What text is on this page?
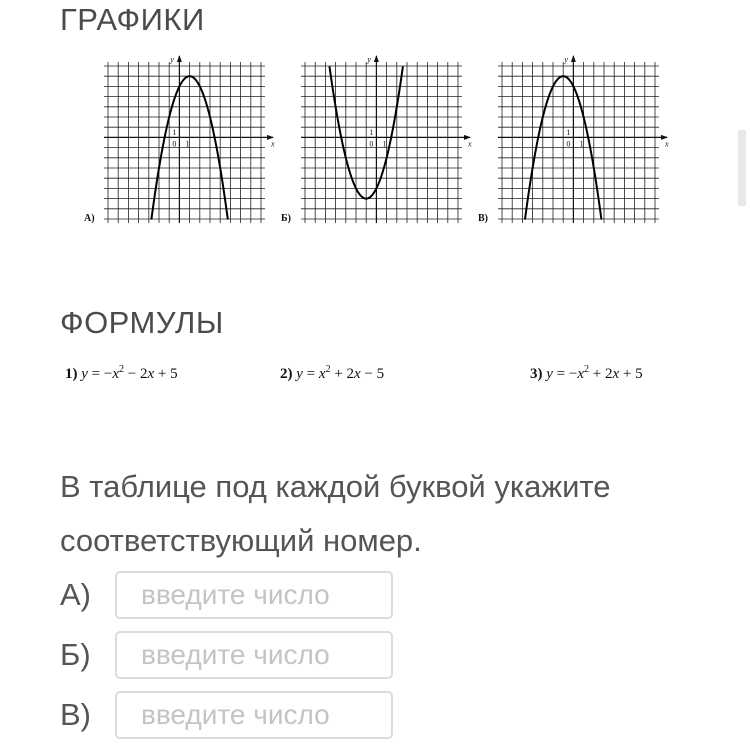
ГРАФИКИ
y
x
1
0 1
А)
y
x
1
0 1
Б)
y
x
1
0 1
В)
ФОРМУЛЫ
1) $y = -x^2 - 2x + 5$	2) $y = x^2 + 2x - 5$	3) $y = -x^2 + 2x + 5$

В таблице под каждой буквой укажите соответствующий номер.

А)
введите число
Б)
введите число
В)
введите число
